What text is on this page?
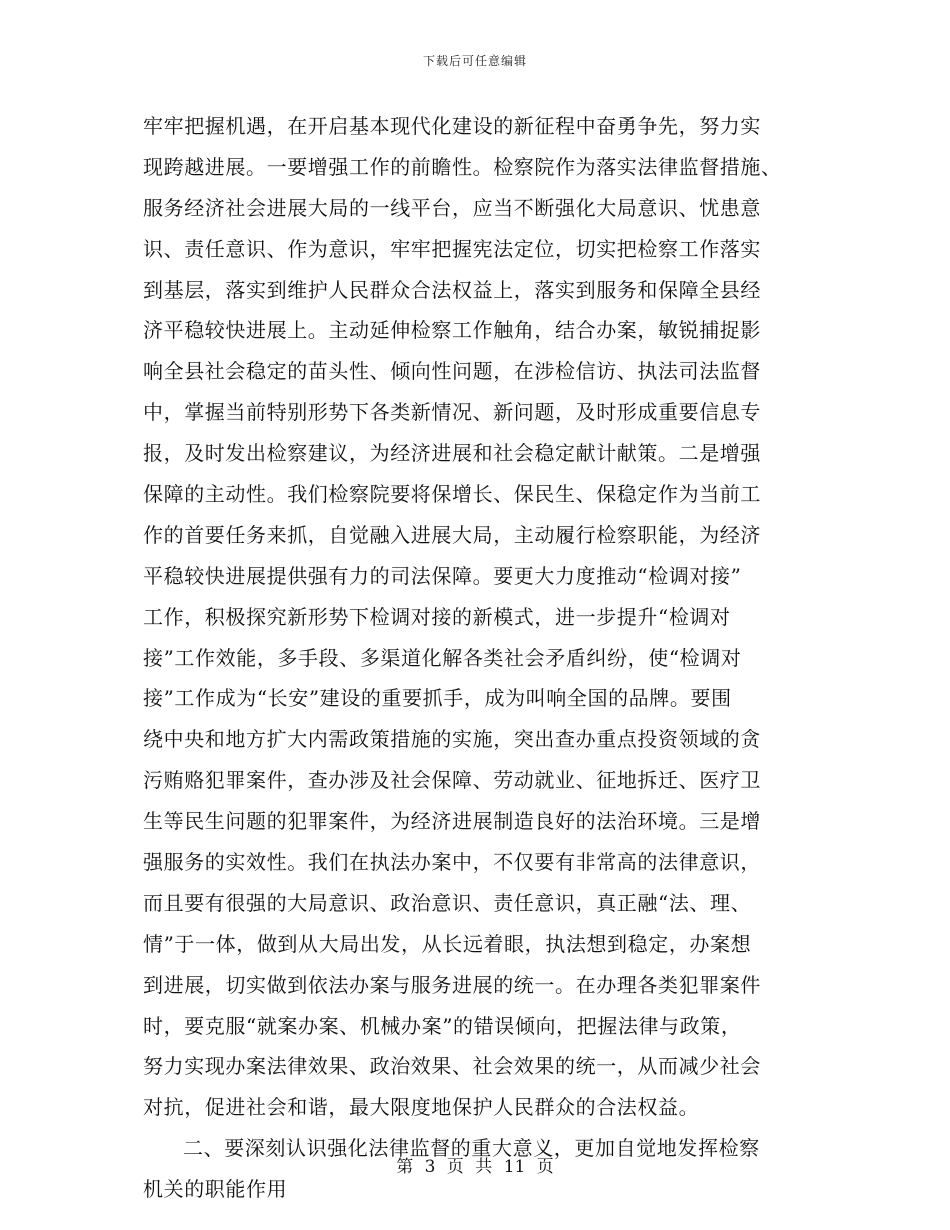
下载后可任意编辑
牢牢把握机遇，在开启基本现代化建设的新征程中奋勇争先，努力实
现跨越进展。一要增强工作的前瞻性。检察院作为落实法律监督措施、
服务经济社会进展大局的一线平台，应当不断强化大局意识、忧患意
识、责任意识、作为意识，牢牢把握宪法定位，切实把检察工作落实
到基层，落实到维护人民群众合法权益上，落实到服务和保障全县经
济平稳较快进展上。主动延伸检察工作触角，结合办案，敏锐捕捉影
响全县社会稳定的苗头性、倾向性问题，在涉检信访、执法司法监督
中，掌握当前特别形势下各类新情况、新问题，及时形成重要信息专
报，及时发出检察建议，为经济进展和社会稳定献计献策。二是增强
保障的主动性。我们检察院要将保增长、保民生、保稳定作为当前工
作的首要任务来抓，自觉融入进展大局，主动履行检察职能，为经济
平稳较快进展提供强有力的司法保障。要更大力度推动“检调对接”
工作，积极探究新形势下检调对接的新模式，进一步提升“检调对
接”工作效能，多手段、多渠道化解各类社会矛盾纠纷，使“检调对
接”工作成为“长安”建设的重要抓手，成为叫响全国的品牌。要围
绕中央和地方扩大内需政策措施的实施，突出查办重点投资领域的贪
污贿赂犯罪案件，查办涉及社会保障、劳动就业、征地拆迁、医疗卫
生等民生问题的犯罪案件，为经济进展制造良好的法治环境。三是增
强服务的实效性。我们在执法办案中，不仅要有非常高的法律意识，
而且要有很强的大局意识、政治意识、责任意识，真正融“法、理、
情”于一体，做到从大局出发，从长远着眼，执法想到稳定，办案想
到进展，切实做到依法办案与服务进展的统一。在办理各类犯罪案件
时，要克服“就案办案、机械办案”的错误倾向，把握法律与政策，
努力实现办案法律效果、政治效果、社会效果的统一，从而减少社会
对抗，促进社会和谐，最大限度地保护人民群众的合法权益。
二、要深刻认识强化法律监督的重大意义，更加自觉地发挥检察
机关的职能作用
第 3 页 共 11 页
